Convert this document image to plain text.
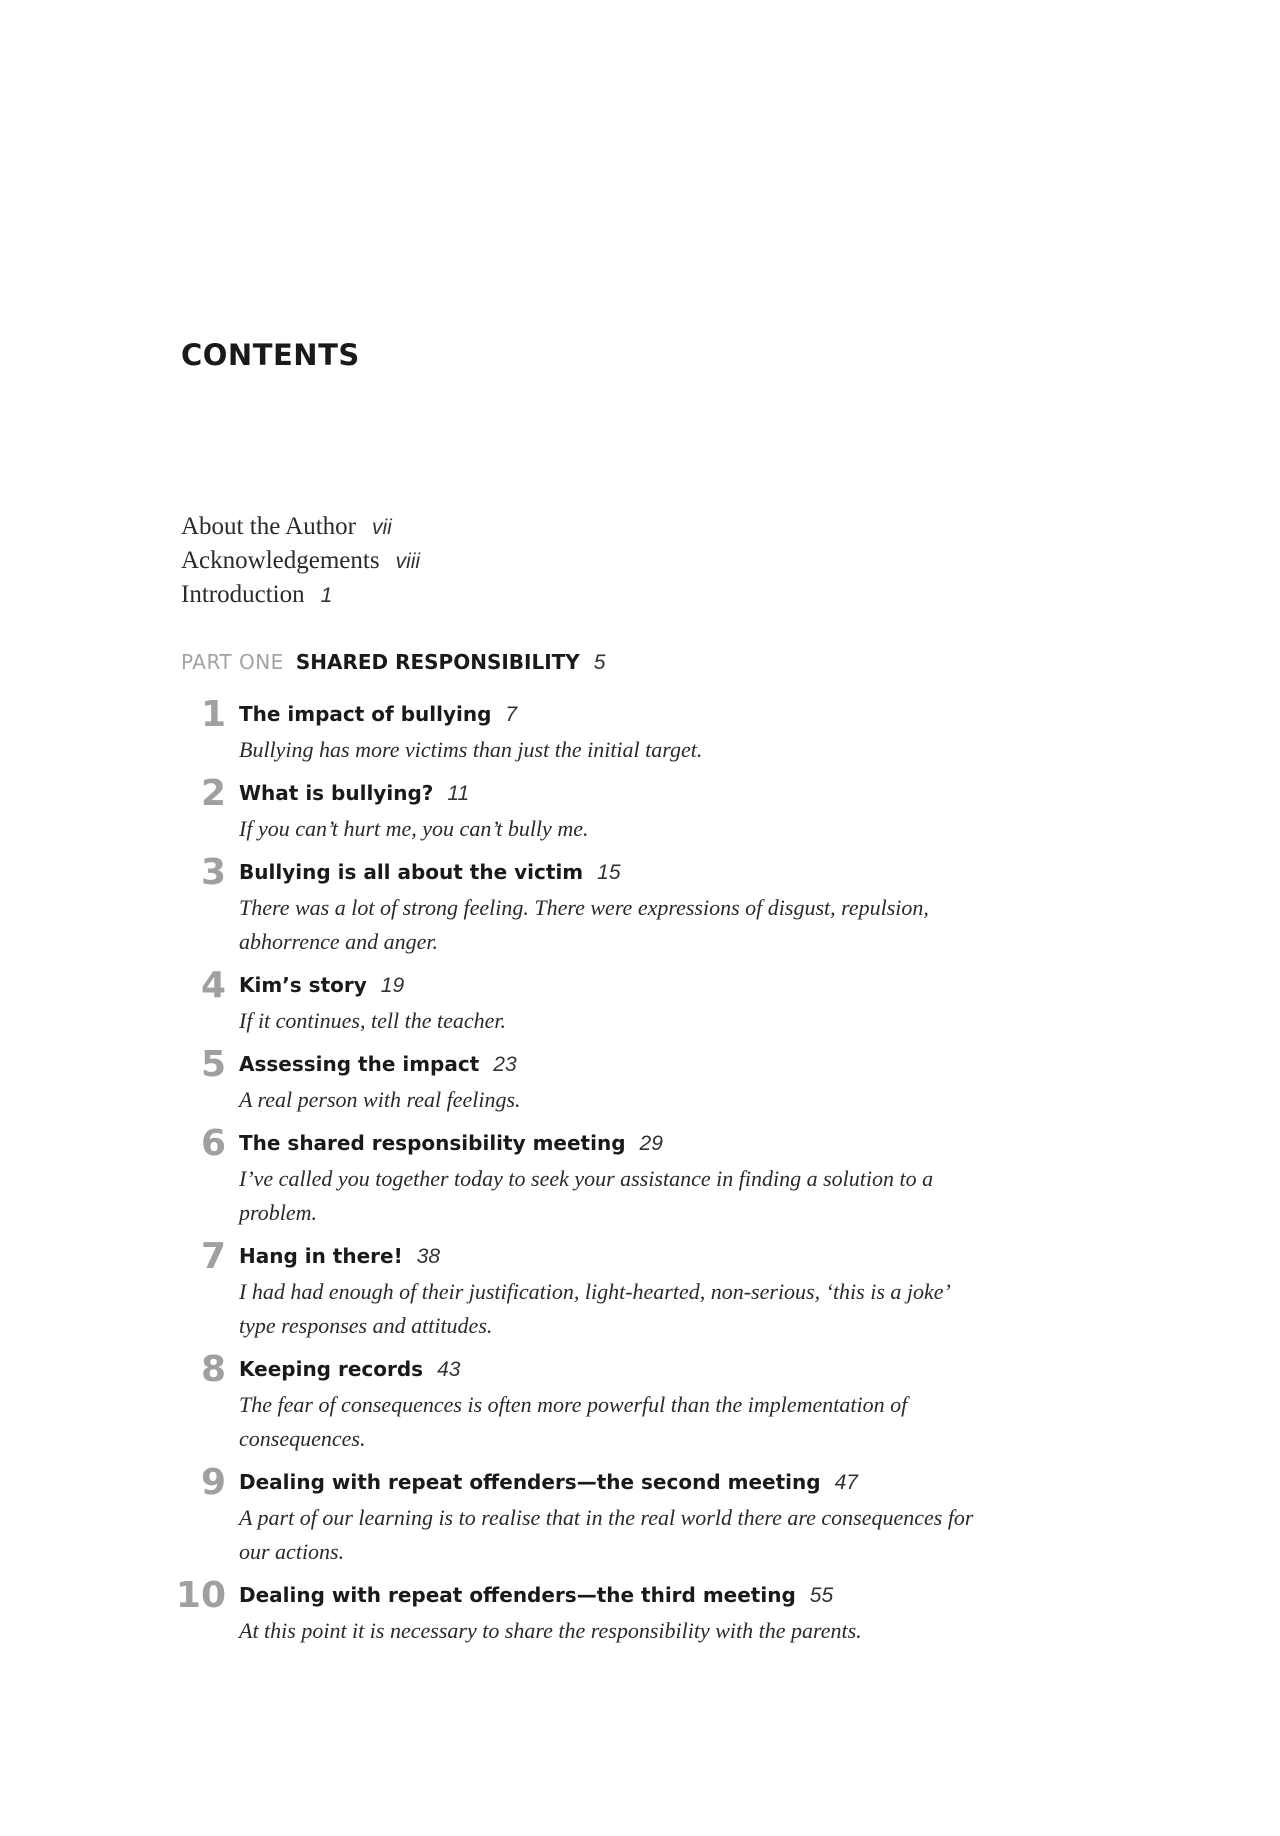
CONTENTS
About the Author vii
Acknowledgements viii
Introduction 1
PART ONE SHARED RESPONSIBILITY 5
1 The impact of bullying 7

Bullying has more victims than just the initial target.

2 What is bullying? 11

If you can’t hurt me, you can’t bully me.

3 Bullying is all about the victim 15

There was a lot of strong feeling. There were expressions of disgust, repulsion, abhorrence and anger.

4 Kim’s story 19

If it continues, tell the teacher.

5 Assessing the impact 23

A real person with real feelings.

6 The shared responsibility meeting 29

I’ve called you together today to seek your assistance in finding a solution to a problem.

7 Hang in there! 38

I had had enough of their justification, light-hearted, non-serious, ‘this is a joke’ type responses and attitudes.

8 Keeping records 43

The fear of consequences is often more powerful than the implementation of consequences.

9 Dealing with repeat offenders—the second meeting 47

A part of our learning is to realise that in the real world there are consequences for our actions.

10 Dealing with repeat offenders—the third meeting 55

At this point it is necessary to share the responsibility with the parents.
